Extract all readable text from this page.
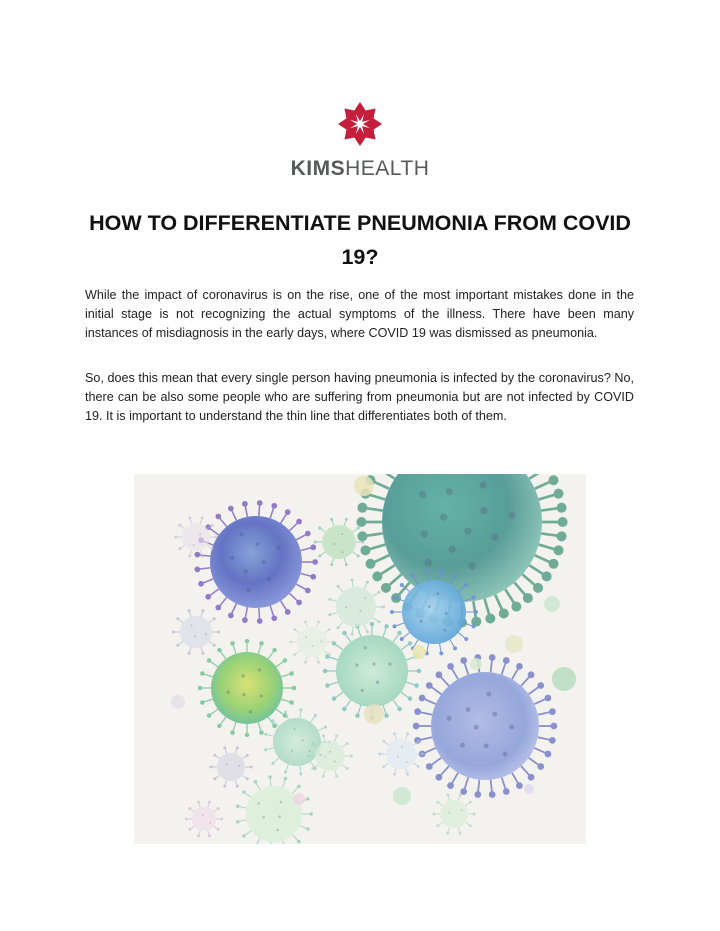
KIMSHEALTH
HOW TO DIFFERENTIATE PNEUMONIA FROM COVID 19?

While the impact of coronavirus is on the rise, one of the most important mistakes done in the initial stage is not recognizing the actual symptoms of the illness. There have been many instances of misdiagnosis in the early days, where COVID 19 was dismissed as pneumonia.

So, does this mean that every single person having pneumonia is infected by the coronavirus? No, there can be also some people who are suffering from pneumonia but are not infected by COVID 19. It is important to understand the thin line that differentiates both of them.
